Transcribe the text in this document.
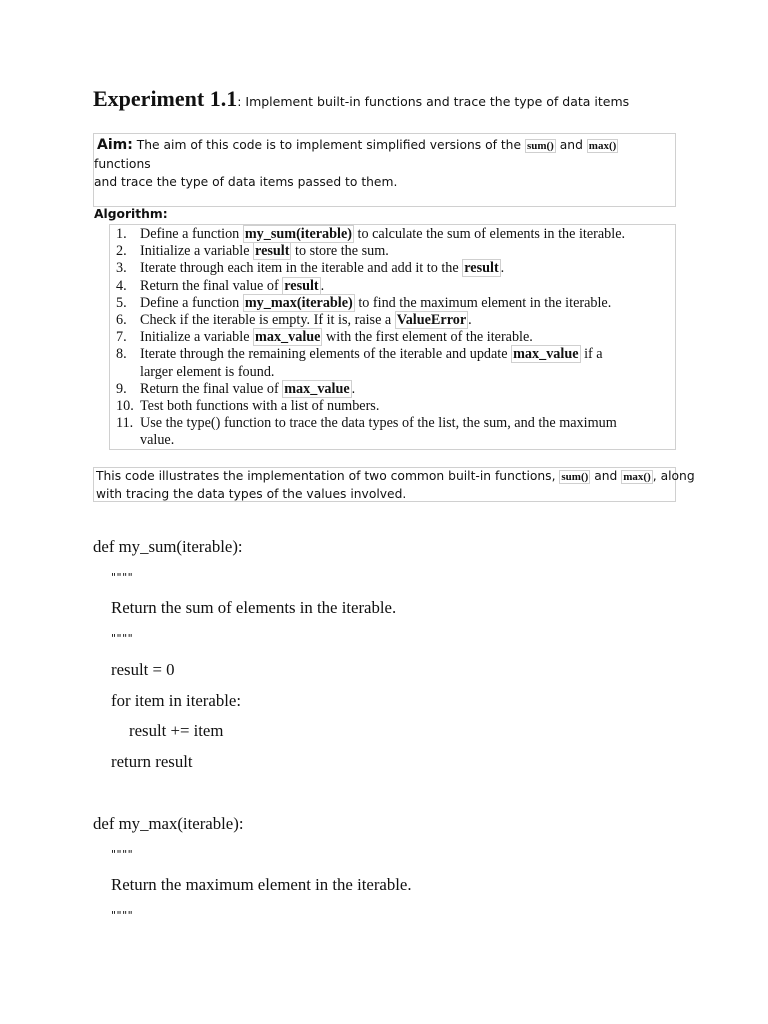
Experiment 1.1: Implement built-in functions and trace the type of data items
Aim: The aim of this code is to implement simplified versions of the sum() and max() functions
and trace the type of data items passed to them.
Algorithm:
1. Define a function my_sum(iterable) to calculate the sum of elements in the iterable.
2. Initialize a variable result to store the sum.
3. Iterate through each item in the iterable and add it to the result .
4. Return the final value of result .
5. Define a function my_max(iterable) to find the maximum element in the iterable.
6. Check if the iterable is empty. If it is, raise a ValueError .
7. Initialize a variable max_value with the first element of the iterable.
8. Iterate through the remaining elements of the iterable and update max_value if a
larger element is found.
9. Return the final value of max_value .
10. Test both functions with a list of numbers.
11. Use the type() function to trace the data types of the list, the sum, and the maximum
value.
This code illustrates the implementation of two common built-in functions, sum() and max() , along
with tracing the data types of the values involved.
def my_sum(iterable):
""""
Return the sum of elements in the iterable.
""""
result = 0
for item in iterable:
result += item
return result
def my_max(iterable):
""""
Return the maximum element in the iterable.
""""
